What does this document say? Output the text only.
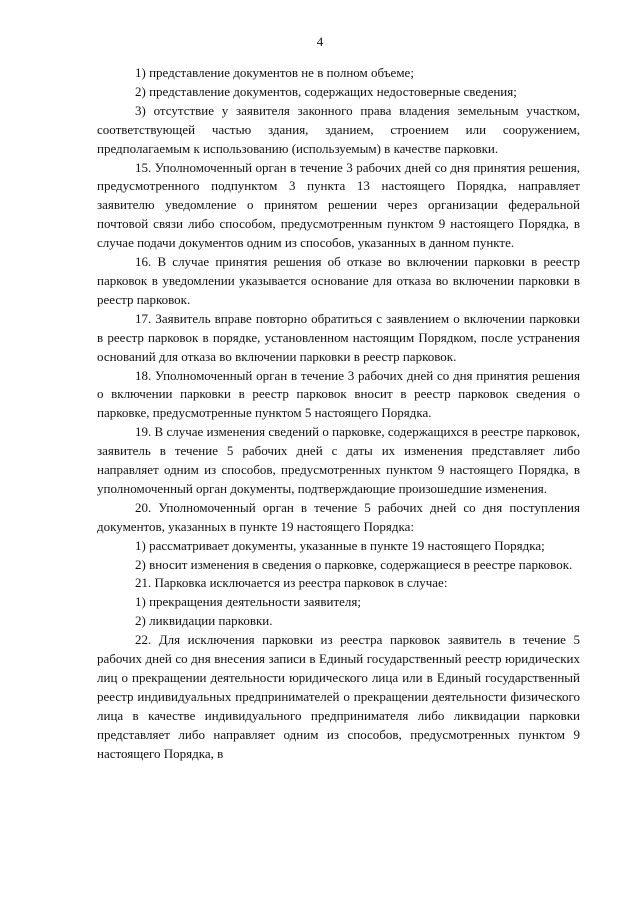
4

1) представление документов не в полном объеме;

2) представление документов, содержащих недостоверные сведения;

3) отсутствие у заявителя законного права владения земельным участком, соответствующей частью здания, зданием, строением или сооружением, предполагаемым к использованию (используемым) в качестве парковки.

15. Уполномоченный орган в течение 3 рабочих дней со дня принятия решения, предусмотренного подпунктом 3 пункта 13 настоящего Порядка, направляет заявителю уведомление о принятом решении через организации федеральной почтовой связи либо способом, предусмотренным пунктом 9 настоящего Порядка, в случае подачи документов одним из способов, указанных в данном пункте.

16. В случае принятия решения об отказе во включении парковки в реестр парковок в уведомлении указывается основание для отказа во включении парковки в реестр парковок.

17. Заявитель вправе повторно обратиться с заявлением о включении парковки в реестр парковок в порядке, установленном настоящим Порядком, после устранения оснований для отказа во включении парковки в реестр парковок.

18. Уполномоченный орган в течение 3 рабочих дней со дня принятия решения о включении парковки в реестр парковок вносит в реестр парковок сведения о парковке, предусмотренные пунктом 5 настоящего Порядка.

19. В случае изменения сведений о парковке, содержащихся в реестре парковок, заявитель в течение 5 рабочих дней с даты их изменения представляет либо направляет одним из способов, предусмотренных пунктом 9 настоящего Порядка, в уполномоченный орган документы, подтверждающие произошедшие изменения.

20. Уполномоченный орган в течение 5 рабочих дней со дня поступления документов, указанных в пункте 19 настоящего Порядка:

1) рассматривает документы, указанные в пункте 19 настоящего Порядка;

2) вносит изменения в сведения о парковке, содержащиеся в реестре парковок.

21. Парковка исключается из реестра парковок в случае:

1) прекращения деятельности заявителя;

2) ликвидации парковки.

22. Для исключения парковки из реестра парковок заявитель в течение 5 рабочих дней со дня внесения записи в Единый государственный реестр юридических лиц о прекращении деятельности юридического лица или в Единый государственный реестр индивидуальных предпринимателей о прекращении деятельности физического лица в качестве индивидуального предпринимателя либо ликвидации парковки представляет либо направляет одним из способов, предусмотренных пунктом 9 настоящего Порядка, в
